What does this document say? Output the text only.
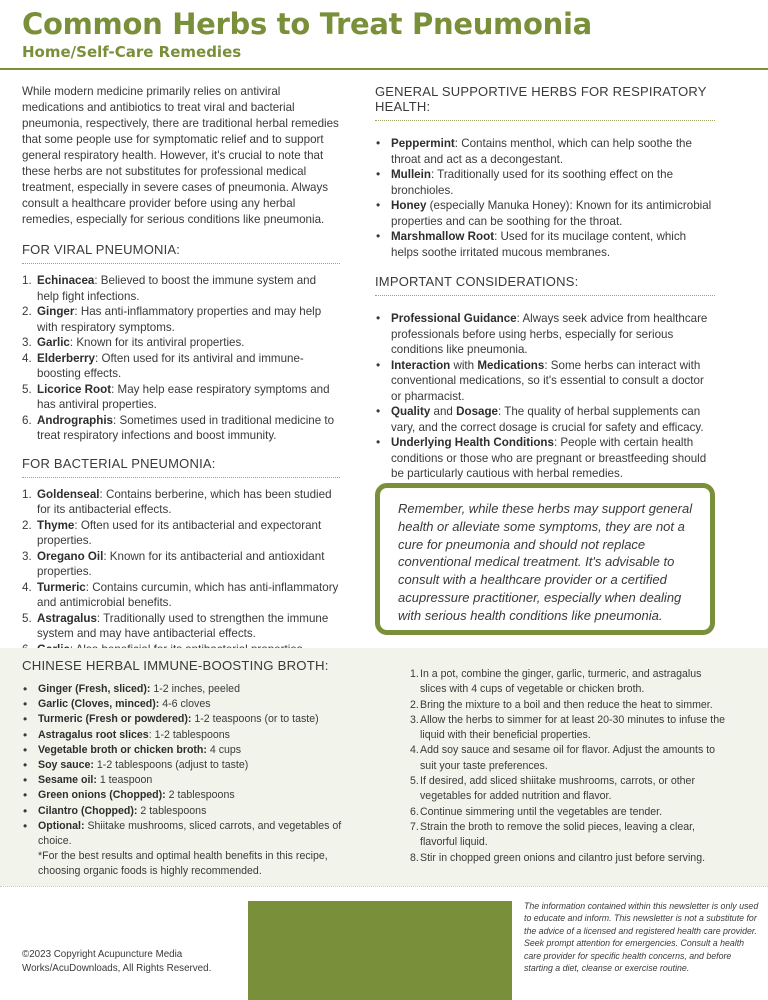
Common Herbs to Treat Pneumonia
Home/Self-Care Remedies

While modern medicine primarily relies on antiviral medications and antibiotics to treat viral and bacterial pneumonia, respectively, there are traditional herbal remedies that some people use for symptomatic relief and to support general respiratory health. However, it's crucial to note that these herbs are not substitutes for professional medical treatment, especially in severe cases of pneumonia. Always consult a healthcare provider before using any herbal remedies, especially for serious conditions like pneumonia.

FOR VIRAL PNEUMONIA:
1. Echinacea: Believed to boost the immune system and help fight infections.
2. Ginger: Has anti-inflammatory properties and may help with respiratory symptoms.
3. Garlic: Known for its antiviral properties.
4. Elderberry: Often used for its antiviral and immune-boosting effects.
5. Licorice Root: May help ease respiratory symptoms and has antiviral properties.
6. Andrographis: Sometimes used in traditional medicine to treat respiratory infections and boost immunity.
FOR BACTERIAL PNEUMONIA:
1. Goldenseal: Contains berberine, which has been studied for its antibacterial effects.
2. Thyme: Often used for its antibacterial and expectorant properties.
3. Oregano Oil: Known for its antibacterial and antioxidant properties.
4. Turmeric: Contains curcumin, which has anti-inflammatory and antimicrobial benefits.
5. Astragalus: Traditionally used to strengthen the immune system and may have antibacterial effects.
GENERAL SUPPORTIVE HERBS FOR RESPIRATORY HEALTH:
• Peppermint: Contains menthol, which can help soothe the throat and act as a decongestant.
• Mullein: Traditionally used for its soothing effect on the bronchioles.
• Honey (especially Manuka Honey): Known for its antimicrobial properties and can be soothing for the throat.
• Marshmallow Root: Used for its mucilage content, which helps soothe irritated mucous membranes.
IMPORTANT CONSIDERATIONS:
• Professional Guidance: Always seek advice from healthcare professionals before using herbs, especially for serious conditions like pneumonia.
• Interaction with Medications: Some herbs can interact with conventional medications, so it's essential to consult a doctor or pharmacist.
• Quality and Dosage: The quality of herbal supplements can vary, and the correct dosage is crucial for safety and efficacy.
• Underlying Health Conditions: People with certain health conditions or those who are pregnant or breastfeeding should be particularly cautious with herbal remedies.

Remember, while these herbs may support general health or alleviate some symptoms, they are not a cure for pneumonia and should not replace conventional medical treatment. It's advisable to consult with a healthcare provider or a certified acupressure practitioner, especially when dealing with serious health conditions like pneumonia.

CHINESE HERBAL IMMUNE-BOOSTING BROTH:
• Ginger (Fresh, sliced): 1-2 inches, peeled
• Garlic (Cloves, minced): 4-6 cloves
• Turmeric (Fresh or powdered): 1-2 teaspoons (or to taste)
• Astragalus root slices: 1-2 tablespoons
• Vegetable broth or chicken broth: 4 cups
• Soy sauce: 1-2 tablespoons (adjust to taste)
• Sesame oil: 1 teaspoon
• Green onions (Chopped): 2 tablespoons
• Cilantro (Chopped): 2 tablespoons
• Optional: Shiitake mushrooms, sliced carrots, and vegetables of choice.

*For the best results and optimal health benefits in this recipe, choosing organic foods is highly recommended.

1. In a pot, combine the ginger, garlic, turmeric, and astragalus slices with 4 cups of vegetable or chicken broth.
2. Bring the mixture to a boil and then reduce the heat to simmer.
3. Allow the herbs to simmer for at least 20-30 minutes to infuse the liquid with their beneficial properties.
4. Add soy sauce and sesame oil for flavor. Adjust the amounts to suit your taste preferences.
5. If desired, add sliced shiitake mushrooms, carrots, or other vegetables for added nutrition and flavor.
6. Continue simmering until the vegetables are tender.
7. Strain the broth to remove the solid pieces, leaving a clear, flavorful liquid.
8. Stir in chopped green onions and cilantro just before serving.

©2023 Copyright Acupuncture Media Works/AcuDownloads, All Rights Reserved.

The information contained within this newsletter is only used to educate and inform. This newsletter is not a substitute for the advice of a licensed and registered health care provider. Seek prompt attention for emergencies. Consult a health care provider for specific health concerns, and before starting a diet, cleanse or exercise routine.
